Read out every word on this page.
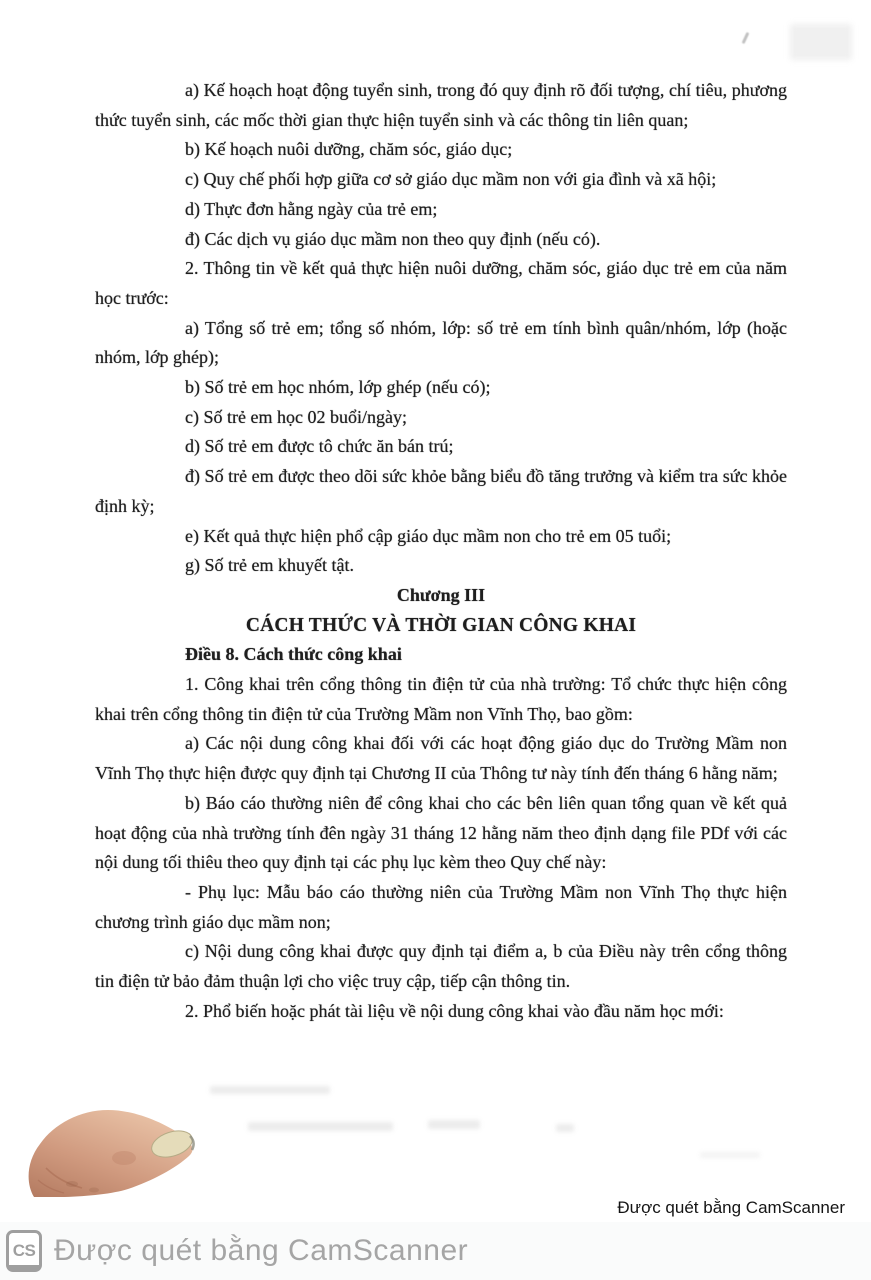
a) Kế hoạch hoạt động tuyển sinh, trong đó quy định rõ đối tượng, chí tiêu, phương thức tuyển sinh, các mốc thời gian thực hiện tuyển sinh và các thông tin liên quan;

b) Kế hoạch nuôi dưỡng, chăm sóc, giáo dục;

c) Quy chế phối hợp giữa cơ sở giáo dục mầm non với gia đình và xã hội;

d) Thực đơn hằng ngày của trẻ em;

đ) Các dịch vụ giáo dục mầm non theo quy định (nếu có).

2. Thông tin về kết quả thực hiện nuôi dưỡng, chăm sóc, giáo dục trẻ em của năm học trước:

a) Tổng số trẻ em; tổng số nhóm, lớp: số trẻ em tính bình quân/nhóm, lớp (hoặc nhóm, lớp ghép);

b) Số trẻ em học nhóm, lớp ghép (nếu có);

c) Số trẻ em học 02 buổi/ngày;

d) Số trẻ em được tô chức ăn bán trú;

đ) Số trẻ em được theo dõi sức khỏe bằng biểu đồ tăng trưởng và kiểm tra sức khỏe định kỳ;

e) Kết quả thực hiện phổ cập giáo dục mầm non cho trẻ em 05 tuổi;

g) Số trẻ em khuyết tật.

Chương III

CÁCH THỨC VÀ THỜI GIAN CÔNG KHAI

Điều 8. Cách thức công khai

1. Công khai trên cổng thông tin điện tử của nhà trường: Tổ chức thực hiện công khai trên cổng thông tin điện tử của Trường Mầm non Vĩnh Thọ, bao gồm:

a) Các nội dung công khai đối với các hoạt động giáo dục do Trường Mầm non Vĩnh Thọ thực hiện được quy định tại Chương II của Thông tư này tính đến tháng 6 hằng năm;

b) Báo cáo thường niên để công khai cho các bên liên quan tổng quan về kết quả hoạt động của nhà trường tính đên ngày 31 tháng 12 hằng năm theo định dạng file PDf với các nội dung tối thiêu theo quy định tại các phụ lục kèm theo Quy chế này:

- Phụ lục: Mẫu báo cáo thường niên của Trường Mầm non Vĩnh Thọ thực hiện chương trình giáo dục mầm non;

c) Nội dung công khai được quy định tại điểm a, b của Điều này trên cổng thông tin điện tử bảo đảm thuận lợi cho việc truy cập, tiếp cận thông tin.

2. Phổ biến hoặc phát tài liệu về nội dung công khai vào đầu năm học mới:

Được quét bằng CamScanner
CS Được quét bằng CamScanner
